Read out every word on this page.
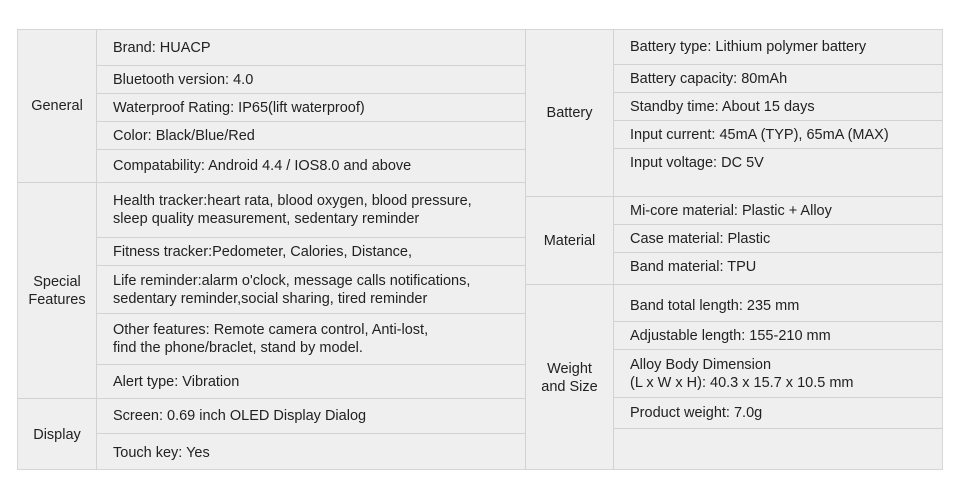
General
Special
Features
Display
Brand: HUACP
Bluetooth version: 4.0
Waterproof Rating: IP65(lift waterproof)
Color: Black/Blue/Red
Compatability: Android 4.4 / IOS8.0 and above
Health tracker:heart rata, blood oxygen, blood pressure,
sleep quality measurement, sedentary reminder
Fitness tracker:Pedometer, Calories, Distance,
Life reminder:alarm o'clock, message calls notifications,
sedentary reminder,social sharing, tired reminder
Other features: Remote camera control, Anti-lost,
find the phone/braclet, stand by model.
Alert type: Vibration
Screen: 0.69 inch OLED Display Dialog
Touch key: Yes
Battery
Material
Weight
and Size
Battery type: Lithium polymer battery
Battery capacity: 80mAh
Standby time: About 15 days
Input current: 45mA (TYP), 65mA (MAX)
Input voltage: DC 5V
Mi-core material: Plastic + Alloy
Case material: Plastic
Band material: TPU
Band total length: 235 mm
Adjustable length: 155-210 mm
Alloy Body Dimension
(L x W x H): 40.3 x 15.7 x 10.5 mm
Product weight: 7.0g
